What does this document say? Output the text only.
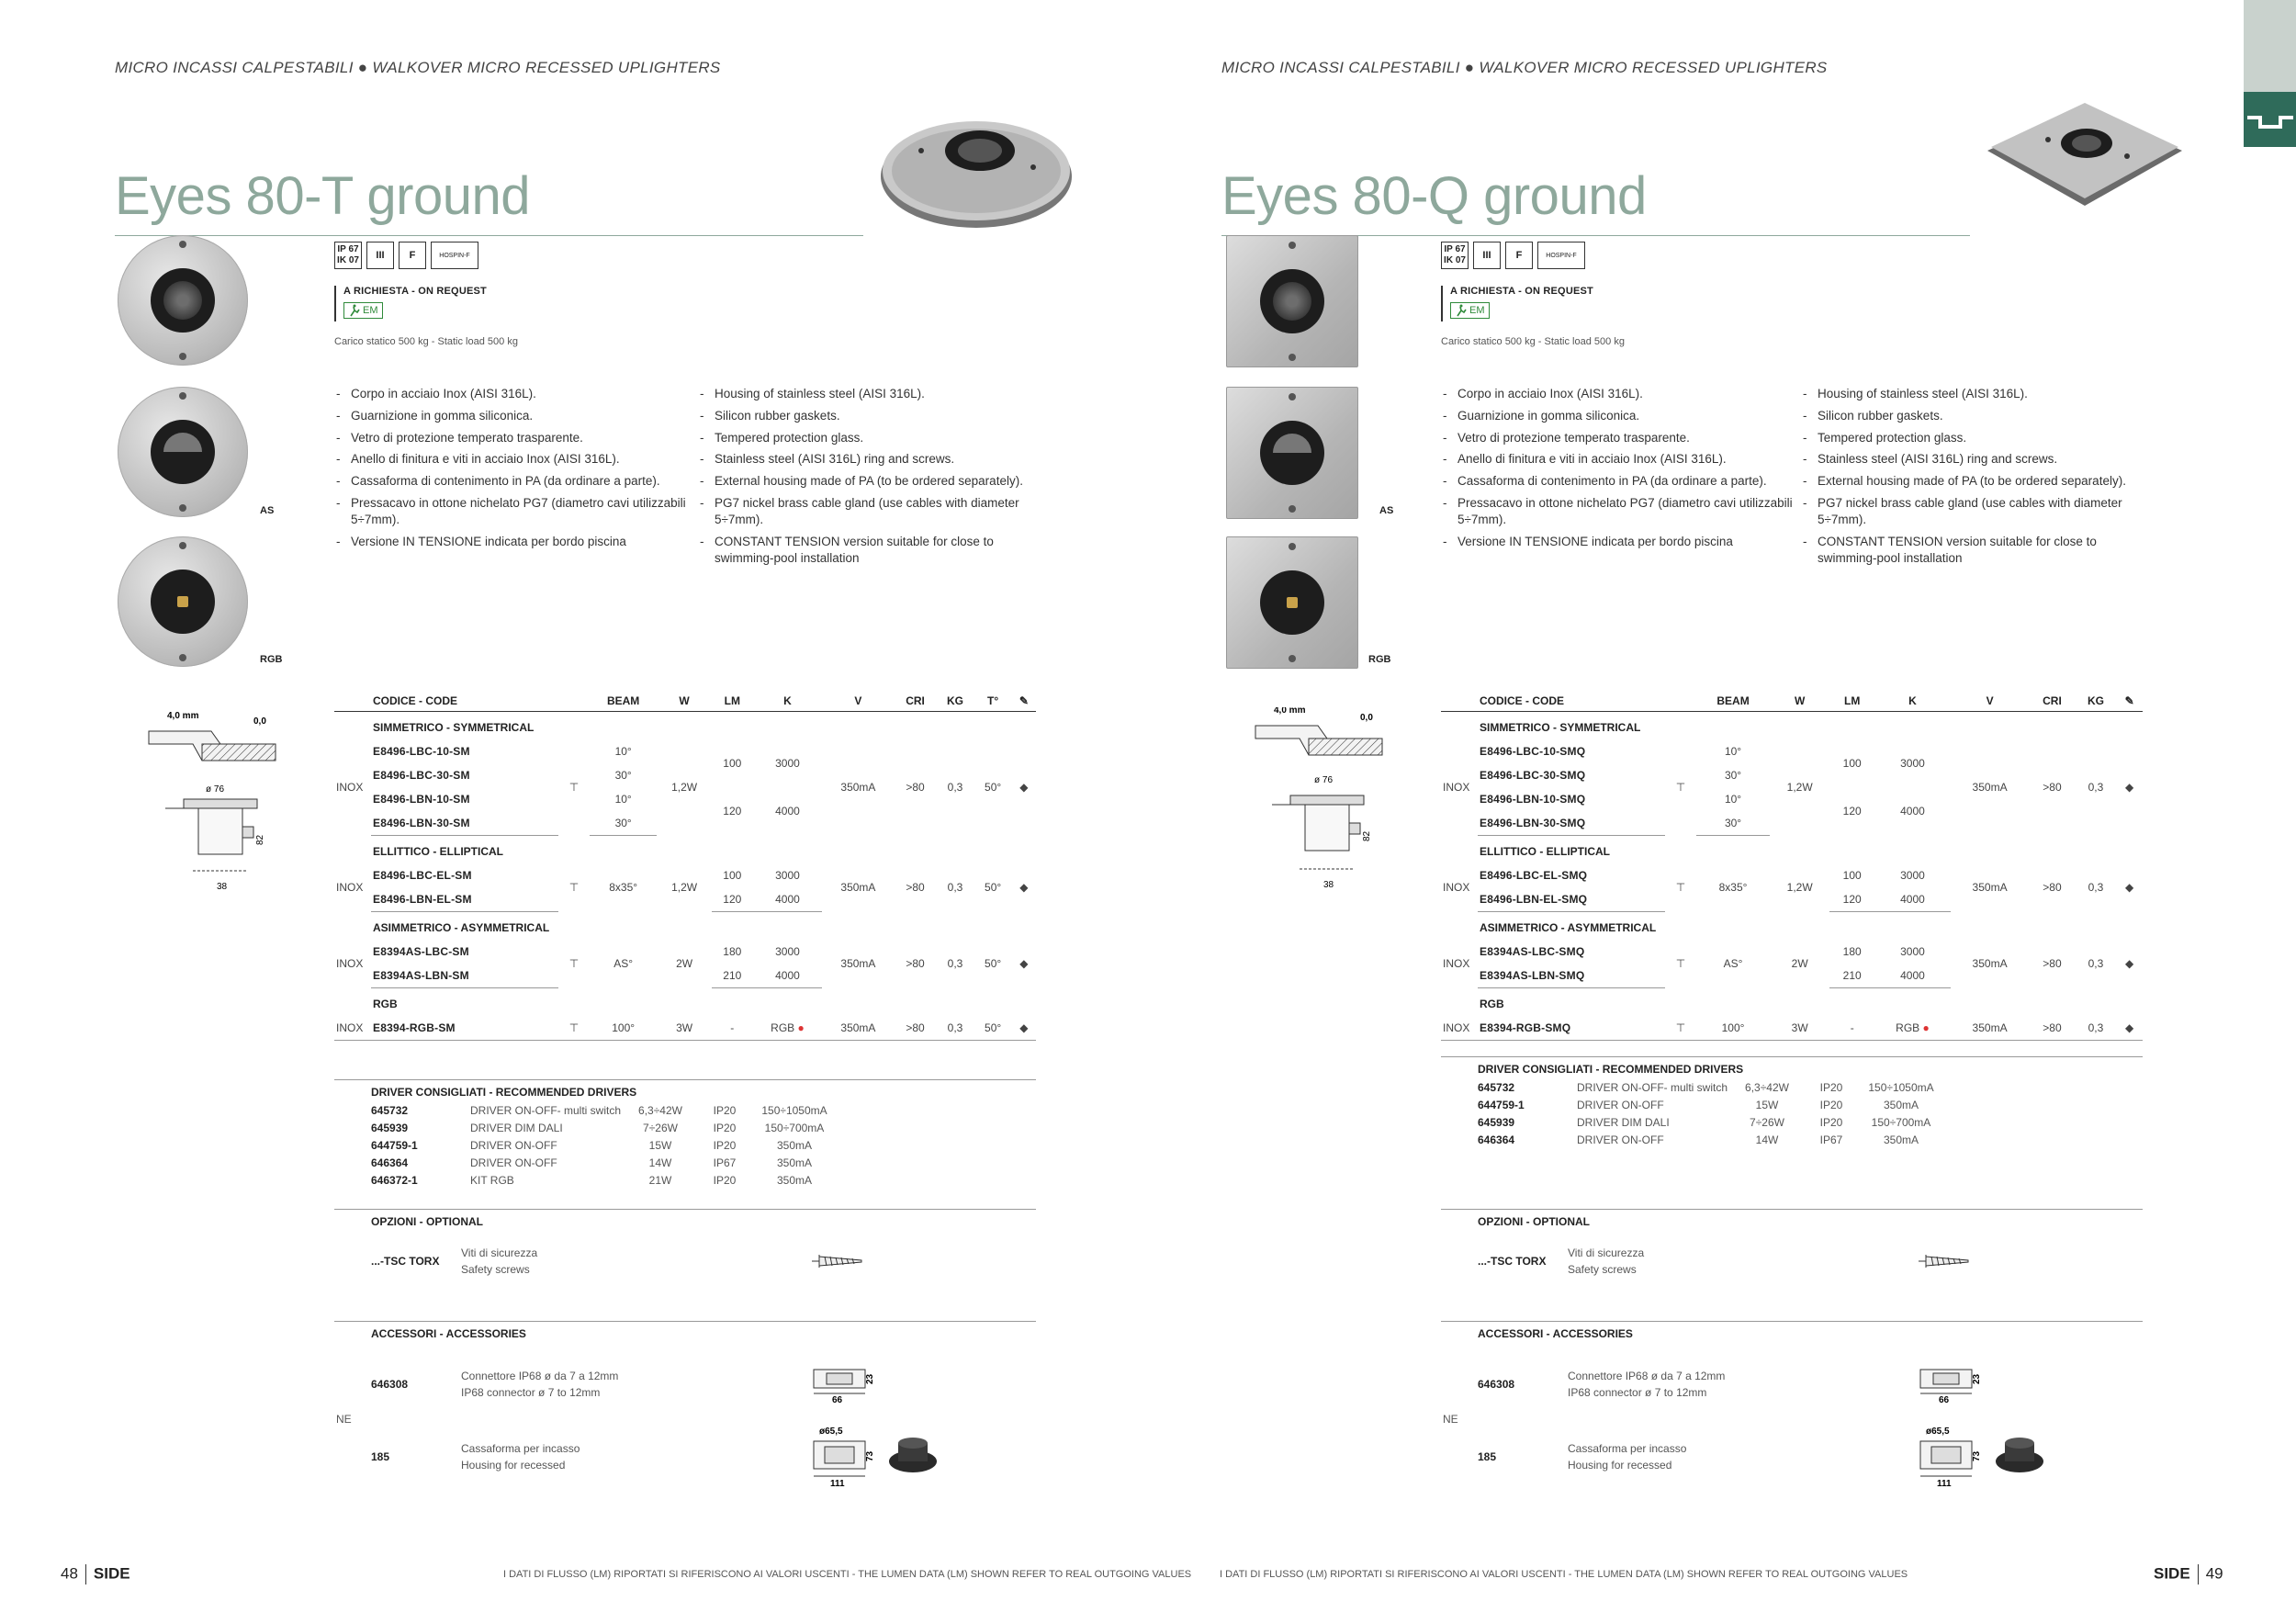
MICRO INCASSI CALPESTABILI ● WALKOVER MICRO RECESSED UPLIGHTERS
Eyes 80-T ground
IP 67
IK 07 III F	HOSPIN-F
A RICHIESTA - ON REQUEST
EM
Carico statico 500 kg - Static load 500 kg
AS
RGB
- Corpo in acciaio Inox (AISI 316L).
- Guarnizione in gomma siliconica.
- Vetro di protezione temperato trasparente.
- Anello di finitura e viti in acciaio Inox (AISI 316L).
- Cassaforma di contenimento in PA (da ordinare a parte).
- Pressacavo in ottone nichelato PG7 (diametro cavi utilizzabili 5÷7mm).
- Versione IN TENSIONE indicata per bordo piscina
- Housing of stainless steel (AISI 316L).
- Silicon rubber gaskets.
- Tempered protection glass.
- Stainless steel (AISI 316L) ring and screws.
- External housing made of PA (to be ordered separately).
- PG7 nickel brass cable gland (use cables with diameter 5÷7mm).
- CONSTANT TENSION version suitable for close to swimming-pool installation
4,0 mm
0,0
ø 76
82
38
	CODICE - CODE		BEAM	W	LM	K	V	CRI	KG	T°	✎
	SIMMETRICO - SYMMETRICAL										
INOX	E8496-LBC-10-SM	⊤	10°	1,2W	100	3000	350mA	>80	0,3	50°	◆
	E8496-LBC-30-SM		30°								
	E8496-LBN-10-SM		10°		120	4000					
	E8496-LBN-30-SM		30°								
	ELLITTICO - ELLIPTICAL										
INOX	E8496-LBC-EL-SM	⊤	8x35°	1,2W	100	3000	350mA	>80	0,3	50°	◆
	E8496-LBN-EL-SM				120	4000					
	ASIMMETRICO - ASYMMETRICAL										
INOX	E8394AS-LBC-SM	⊤	AS°	2W	180	3000	350mA	>80	0,3	50°	◆
	E8394AS-LBN-SM				210	4000					
	RGB										
INOX	E8394-RGB-SM	⊤	100°	3W	-	RGB ●	350mA	>80	0,3	50°	◆
DRIVER CONSIGLIATI - RECOMMENDED DRIVERS
645732	DRIVER ON-OFF- multi switch	6,3÷42W	IP20	150÷1050mA
645939	DRIVER DIM DALI	7÷26W	IP20	150÷700mA
644759-1	DRIVER ON-OFF	15W	IP20	350mA
646364	DRIVER ON-OFF	14W	IP67	350mA
646372-1	KIT RGB	21W	IP20	350mA
OPZIONI - OPTIONAL
...-TSC TORX
Viti di sicurezza
Safety screws
ACCESSORI - ACCESSORIES
646308
Connettore IP68 ø da 7 a 12mm
IP68 connector ø 7 to 12mm
66
23
185
Cassaforma per incasso
Housing for recessed
ø65,5
73
111
NE
48 SIDE	I DATI DI FLUSSO (LM) RIPORTATI SI RIFERISCONO AI VALORI USCENTI - THE LUMEN DATA (LM) SHOWN REFER TO REAL OUTGOING VALUES
MICRO INCASSI CALPESTABILI ● WALKOVER MICRO RECESSED UPLIGHTERS
Eyes 80-Q ground
IP 67
IK 07 III F	HOSPIN-F
A RICHIESTA - ON REQUEST
EM
Carico statico 500 kg - Static load 500 kg
AS
RGB
- Corpo in acciaio Inox (AISI 316L).
- Guarnizione in gomma siliconica.
- Vetro di protezione temperato trasparente.
- Anello di finitura e viti in acciaio Inox (AISI 316L).
- Cassaforma di contenimento in PA (da ordinare a parte).
- Pressacavo in ottone nichelato PG7 (diametro cavi utilizzabili 5÷7mm).
- Versione IN TENSIONE indicata per bordo piscina
- Housing of stainless steel (AISI 316L).
- Silicon rubber gaskets.
- Tempered protection glass.
- Stainless steel (AISI 316L) ring and screws.
- External housing made of PA (to be ordered separately).
- PG7 nickel brass cable gland (use cables with diameter 5÷7mm).
- CONSTANT TENSION version suitable for close to swimming-pool installation
4,0 mm
0,0
ø 76
82
38
	CODICE - CODE		BEAM	W	LM	K	V	CRI	KG	✎
	SIMMETRICO - SYMMETRICAL									
INOX	E8496-LBC-10-SMQ	⊤	10°	1,2W	100	3000	350mA	>80	0,3	◆
	E8496-LBC-30-SMQ		30°							
	E8496-LBN-10-SMQ		10°		120	4000				
	E8496-LBN-30-SMQ		30°							
	ELLITTICO - ELLIPTICAL									
INOX	E8496-LBC-EL-SMQ	⊤	8x35°	1,2W	100	3000	350mA	>80	0,3	◆
	E8496-LBN-EL-SMQ				120	4000				
	ASIMMETRICO - ASYMMETRICAL									
INOX	E8394AS-LBC-SMQ	⊤	AS°	2W	180	3000	350mA	>80	0,3	◆
	E8394AS-LBN-SMQ				210	4000				
	RGB									
INOX	E8394-RGB-SMQ	⊤	100°	3W	-	RGB ●	350mA	>80	0,3	◆
DRIVER CONSIGLIATI - RECOMMENDED DRIVERS
645732	DRIVER ON-OFF- multi switch	6,3÷42W	IP20	150÷1050mA
644759-1	DRIVER ON-OFF	15W	IP20	350mA
645939	DRIVER DIM DALI	7÷26W	IP20	150÷700mA
646364	DRIVER ON-OFF	14W	IP67	350mA
OPZIONI - OPTIONAL
...-TSC TORX
Viti di sicurezza
Safety screws
ACCESSORI - ACCESSORIES
646308
Connettore IP68 ø da 7 a 12mm
IP68 connector ø 7 to 12mm
66
23
185
Cassaforma per incasso
Housing for recessed
ø65,5
73
111
NE
I DATI DI FLUSSO (LM) RIPORTATI SI RIFERISCONO AI VALORI USCENTI - THE LUMEN DATA (LM) SHOWN REFER TO REAL OUTGOING VALUES	SIDE 49
